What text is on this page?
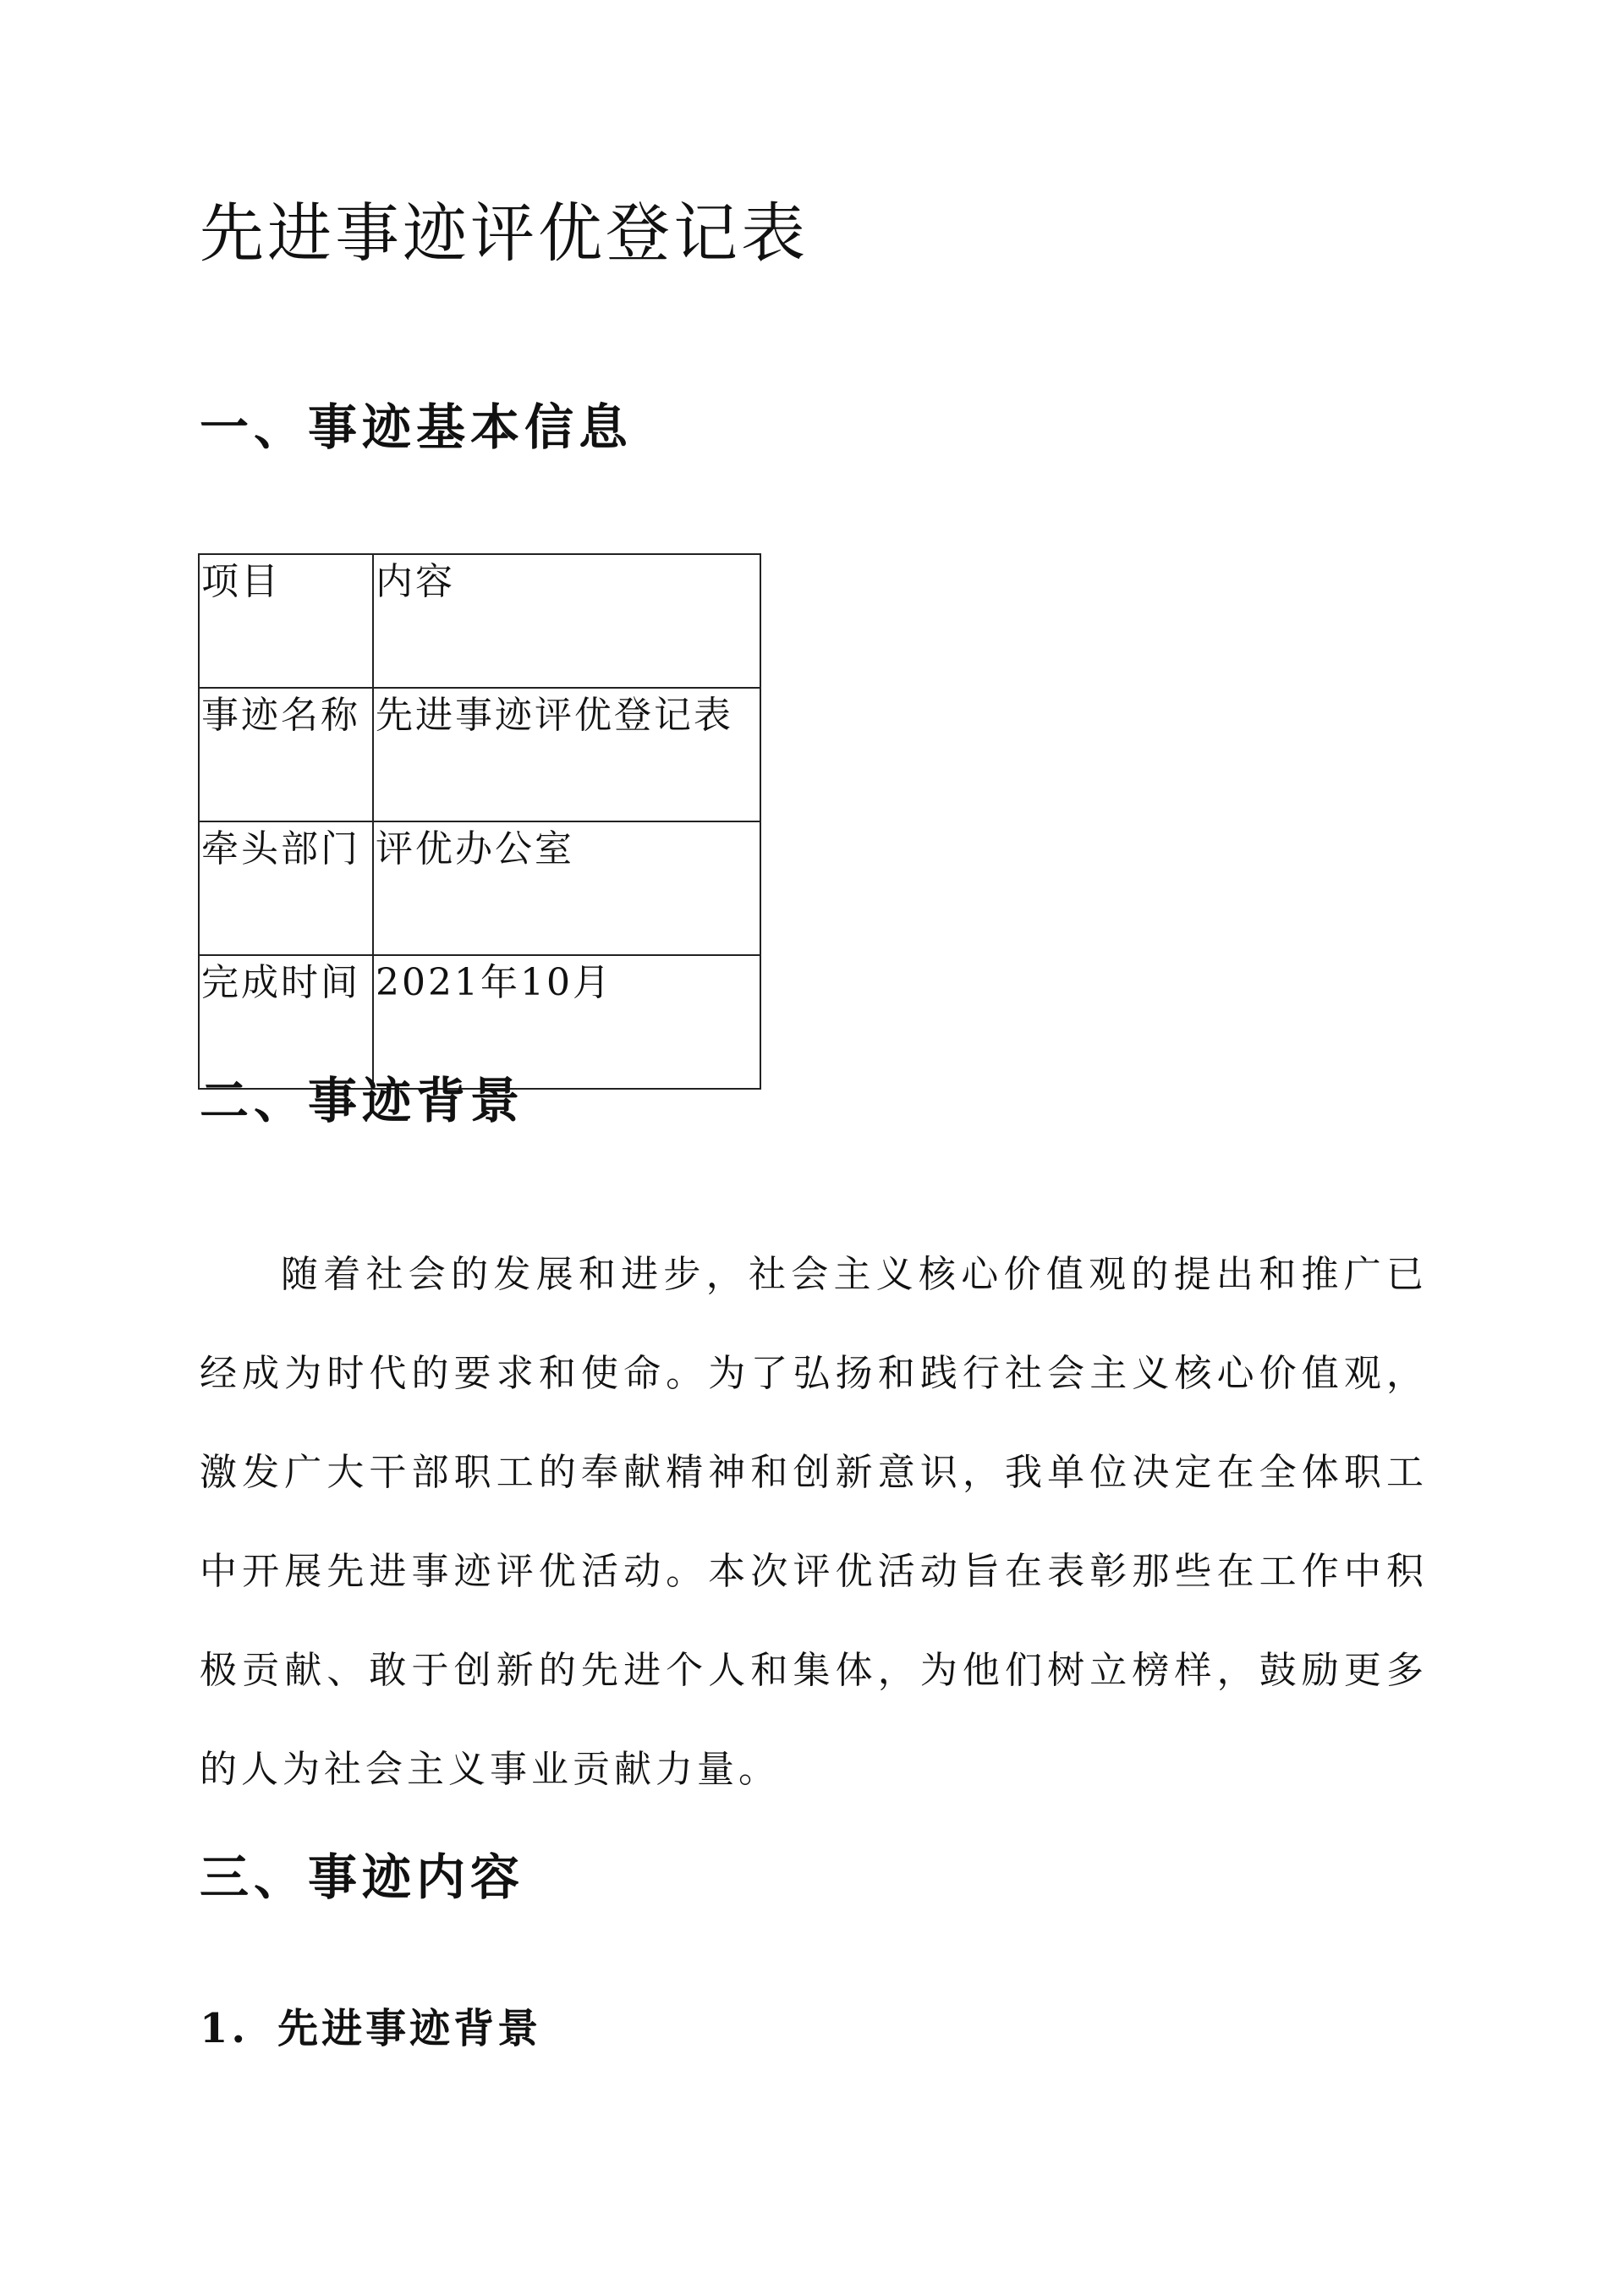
先进事迹评优登记表
一、事迹基本信息
项目	内容
事迹名称	先进事迹评优登记表
牵头部门	评优办公室
完成时间	2021年10月
二、事迹背景

随着社会的发展和进步，社会主义核心价值观的提出和推广已经成为时代的要求和使命。为了弘扬和践行社会主义核心价值观，激发广大干部职工的奉献精神和创新意识，我单位决定在全体职工中开展先进事迹评优活动。本次评优活动旨在表彰那些在工作中积极贡献、敢于创新的先进个人和集体，为他们树立榜样，鼓励更多的人为社会主义事业贡献力量。

三、事迹内容
1. 先进事迹背景
